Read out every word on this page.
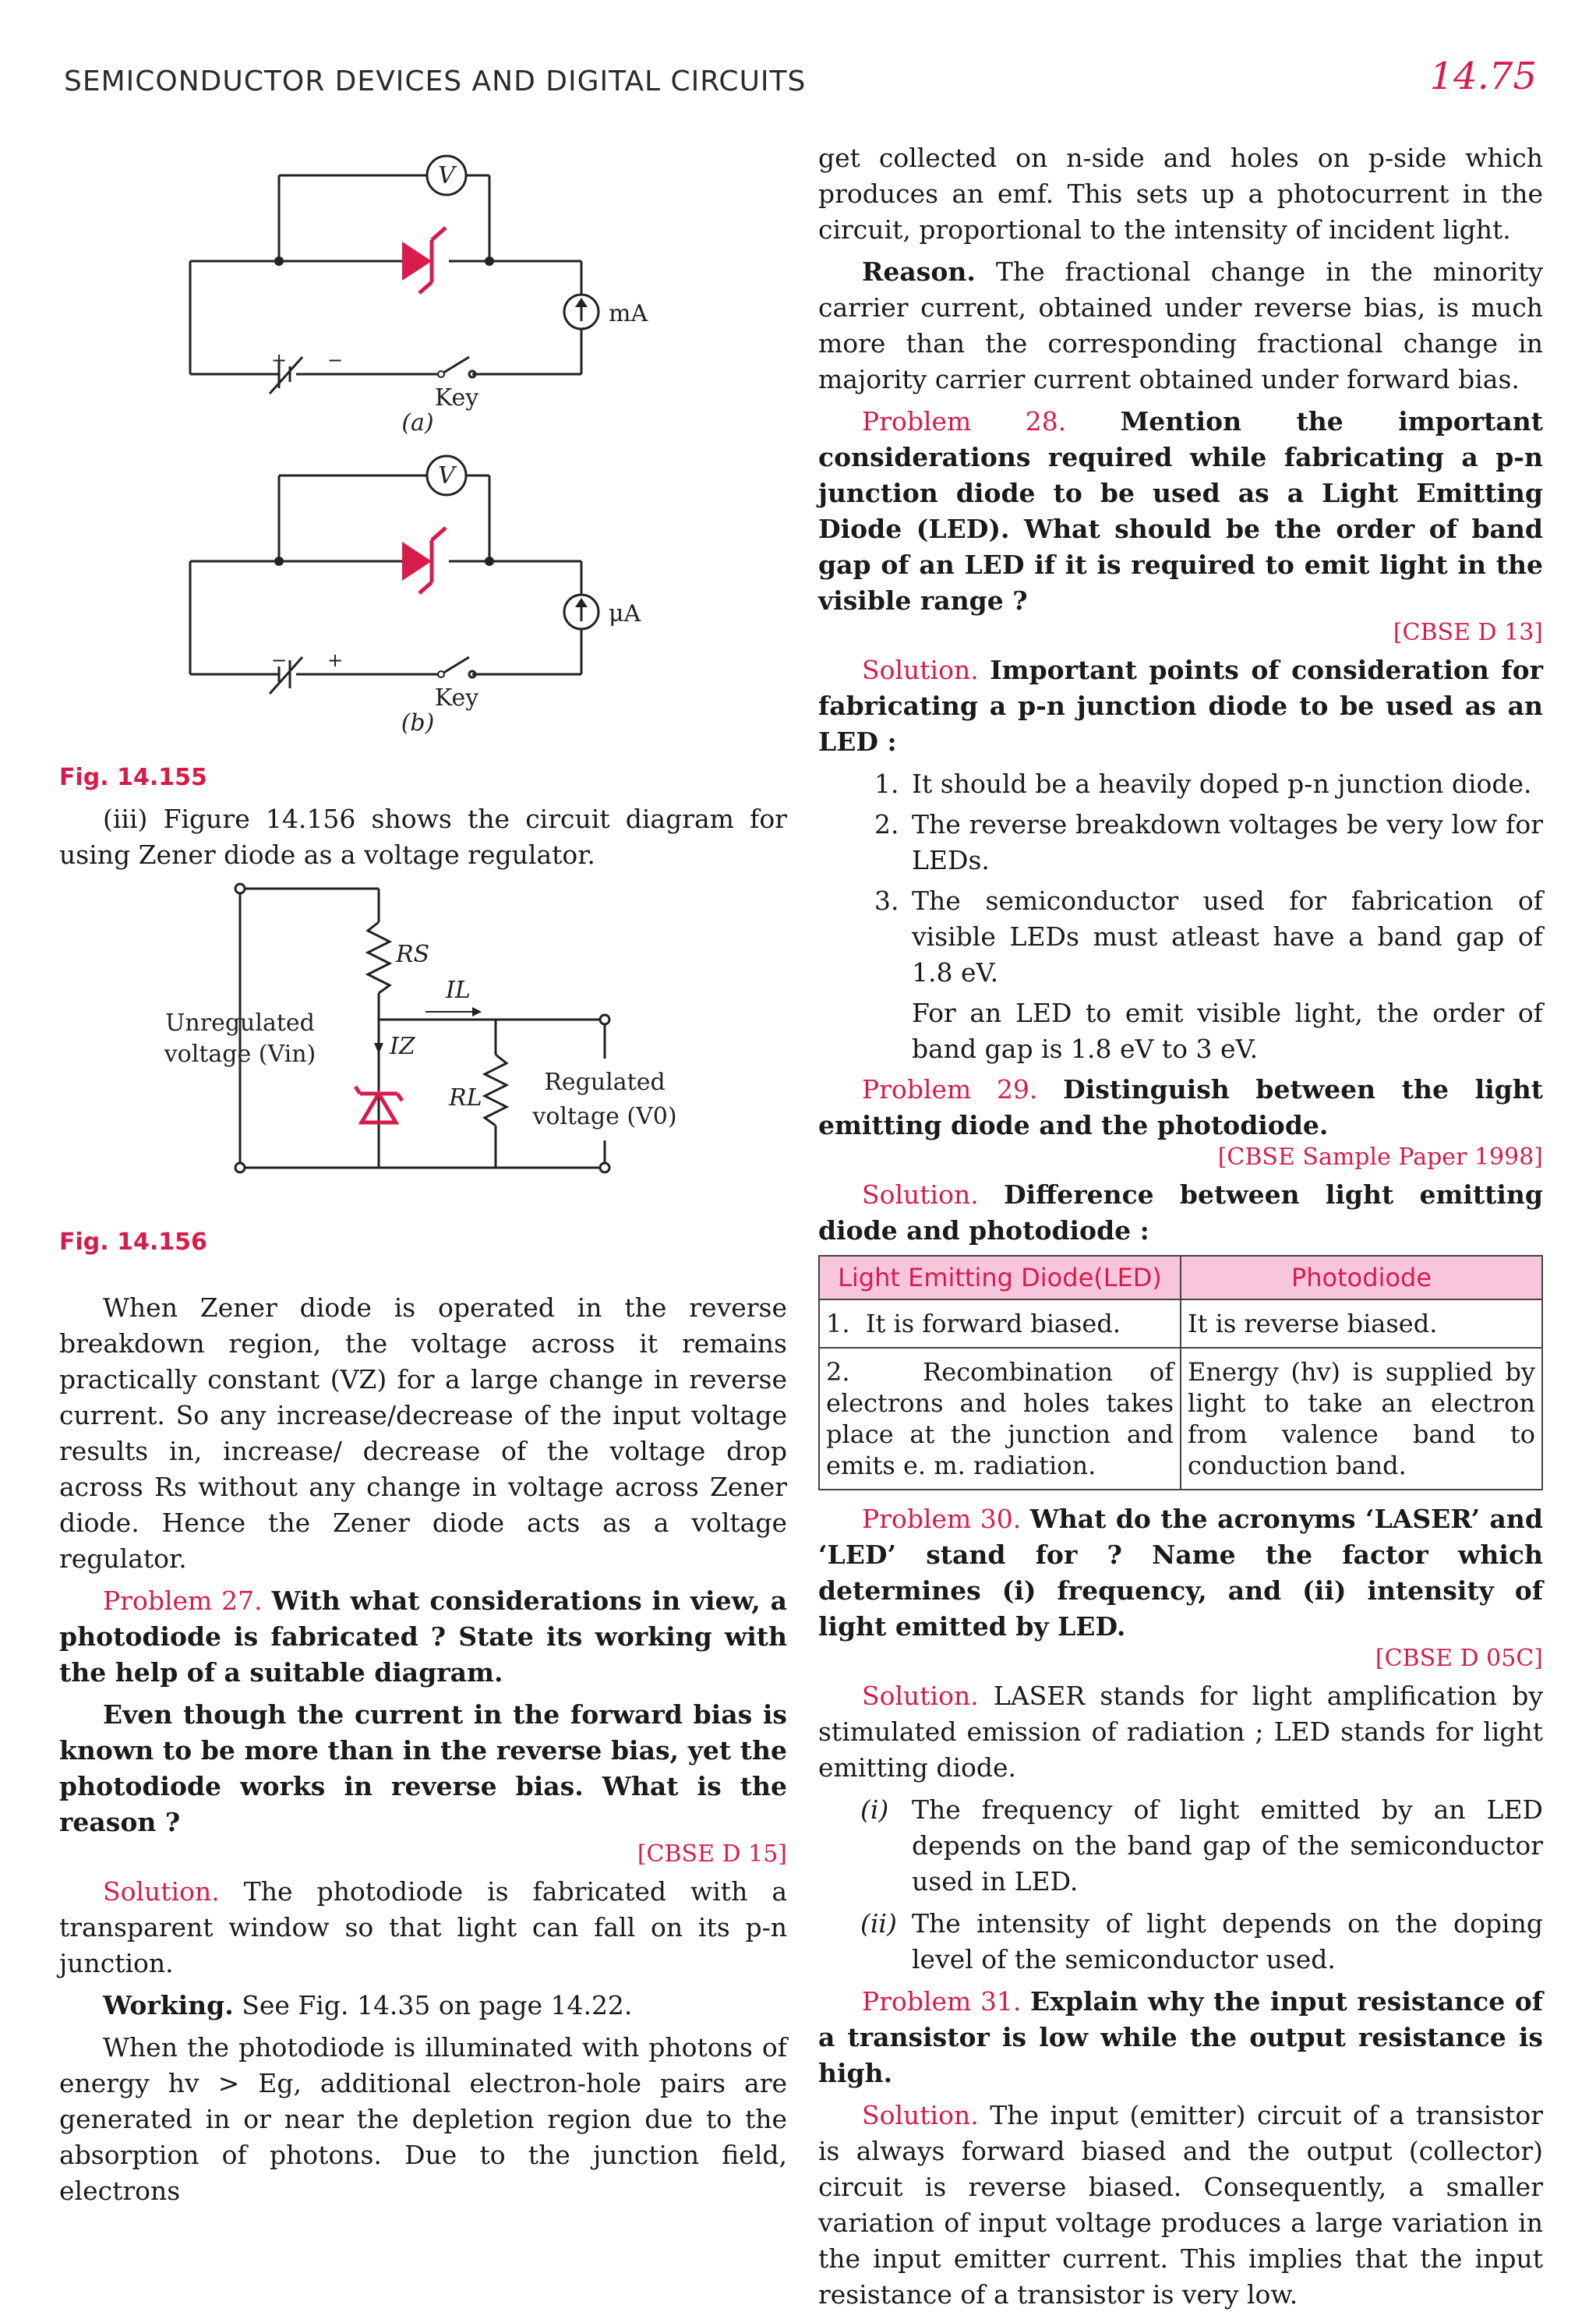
SEMICONDUCTOR DEVICES AND DIGITAL CIRCUITS	14.75
V
mA
+ −
Key
(a)
V
μA
− +
Key
(b)
Fig. 14.155

(iii) Figure 14.156 shows the circuit diagram for using Zener diode as a voltage regulator.

RS
IL
IZ
RL
Unregulated
voltage (Vin)
Regulated
voltage (V0)
Fig. 14.156

When Zener diode is operated in the reverse breakdown region, the voltage across it remains practically constant (VZ) for a large change in reverse current. So any increase/decrease of the input voltage results in, increase/ decrease of the voltage drop across Rs without any change in voltage across Zener diode. Hence the Zener diode acts as a voltage regulator.

Problem 27. With what considerations in view, a photodiode is fabricated ? State its working with the help of a suitable diagram.

Even though the current in the forward bias is known to be more than in the reverse bias, yet the photodiode works in reverse bias. What is the reason ?

[CBSE D 15]

Solution. The photodiode is fabricated with a transparent window so that light can fall on its p-n junction.

Working. See Fig. 14.35 on page 14.22.

When the photodiode is illuminated with photons of energy hv > Eg, additional electron-hole pairs are generated in or near the depletion region due to the absorption of photons. Due to the junction field, electrons

get collected on n-side and holes on p-side which produces an emf. This sets up a photocurrent in the circuit, proportional to the intensity of incident light.

Reason. The fractional change in the minority carrier current, obtained under reverse bias, is much more than the corresponding fractional change in majority carrier current obtained under forward bias.

Problem 28. Mention the important considerations required while fabricating a p-n junction diode to be used as a Light Emitting Diode (LED). What should be the order of band gap of an LED if it is required to emit light in the visible range ?

[CBSE D 13]

Solution. Important points of consideration for fabricating a p-n junction diode to be used as an LED :

1. It should be a heavily doped p-n junction diode.
2. The reverse breakdown voltages be very low for LEDs.
3. The semiconductor used for fabrication of visible LEDs must atleast have a band gap of 1.8 eV.
For an LED to emit visible light, the order of band gap is 1.8 eV to 3 eV.

Problem 29. Distinguish between the light emitting diode and the photodiode.

[CBSE Sample Paper 1998]

Solution. Difference between light emitting diode and photodiode :

Light Emitting Diode(LED)	Photodiode
1. It is forward biased.	It is reverse biased.
2. Recombination of electrons and holes takes place at the junction and emits e. m. radiation.	Energy (hv) is supplied by light to take an electron from valence band to conduction band.

Problem 30. What do the acronyms ‘LASER’ and ‘LED’ stand for ? Name the factor which determines (i) frequency, and (ii) intensity of light emitted by LED.

[CBSE D 05C]

Solution. LASER stands for light amplification by stimulated emission of radiation ; LED stands for light emitting diode.

(i) The frequency of light emitted by an LED depends on the band gap of the semiconductor used in LED.
(ii) The intensity of light depends on the doping level of the semiconductor used.

Problem 31. Explain why the input resistance of a transistor is low while the output resistance is high.

Solution. The input (emitter) circuit of a transistor is always forward biased and the output (collector) circuit is reverse biased. Consequently, a smaller variation of input voltage produces a large variation in the input emitter current. This implies that the input resistance of a transistor is very low.
